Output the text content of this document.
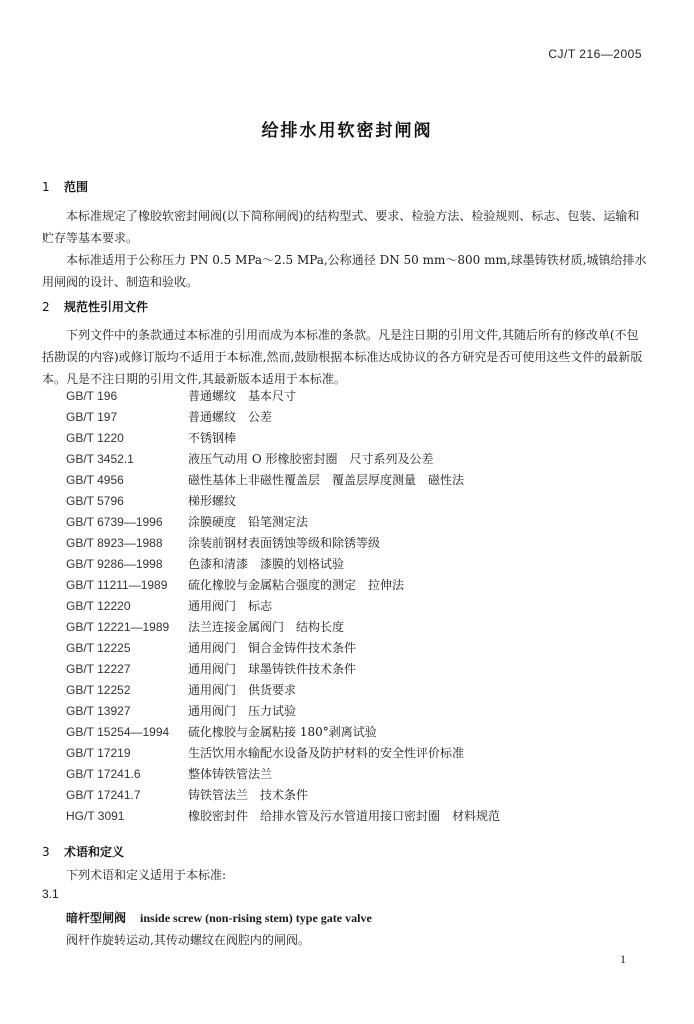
CJ/T 216—2005
给排水用软密封闸阀
1 范围

本标准规定了橡胶软密封闸阀(以下简称闸阀)的结构型式、要求、检验方法、检验规则、标志、包装、运输和贮存等基本要求。

本标准适用于公称压力 PN 0.5 MPa～2.5 MPa,公称通径 DN 50 mm～800 mm,球墨铸铁材质,城镇给排水用闸阀的设计、制造和验收。

2 规范性引用文件

下列文件中的条款通过本标准的引用而成为本标准的条款。凡是注日期的引用文件,其随后所有的修改单(不包括勘误的内容)或修订版均不适用于本标准,然而,鼓励根据本标准达成协议的各方研究是否可使用这些文件的最新版本。凡是不注日期的引用文件,其最新版本适用于本标准。

GB/T 196	普通螺纹　基本尺寸
GB/T 197	普通螺纹　公差
GB/T 1220	不锈钢棒
GB/T 3452.1	液压气动用 O 形橡胶密封圈　尺寸系列及公差
GB/T 4956	磁性基体上非磁性覆盖层　覆盖层厚度测量　磁性法
GB/T 5796	梯形螺纹
GB/T 6739—1996 涂膜硬度　铅笔测定法
GB/T 8923—1988 涂装前钢材表面锈蚀等级和除锈等级
GB/T 9286—1998 色漆和清漆　漆膜的划格试验
GB/T 11211—1989 硫化橡胶与金属粘合强度的测定　拉伸法
GB/T 12220	通用阀门　标志
GB/T 12221—1989 法兰连接金属阀门　结构长度
GB/T 12225	通用阀门　铜合金铸件技术条件
GB/T 12227	通用阀门　球墨铸铁件技术条件
GB/T 12252	通用阀门　供货要求
GB/T 13927	通用阀门　压力试验
GB/T 15254—1994 硫化橡胶与金属粘接 180°剥离试验
GB/T 17219	生活饮用水输配水设备及防护材料的安全性评价标准
GB/T 17241.6	整体铸铁管法兰
GB/T 17241.7	铸铁管法兰　技术条件
HG/T 3091	橡胶密封件　给排水管及污水管道用接口密封圈　材料规范
3 术语和定义

下列术语和定义适用于本标准:

3.1
暗杆型闸阀 inside screw (non-rising stem) type gate valve
阀杆作旋转运动,其传动螺纹在阀腔内的闸阀。
1
